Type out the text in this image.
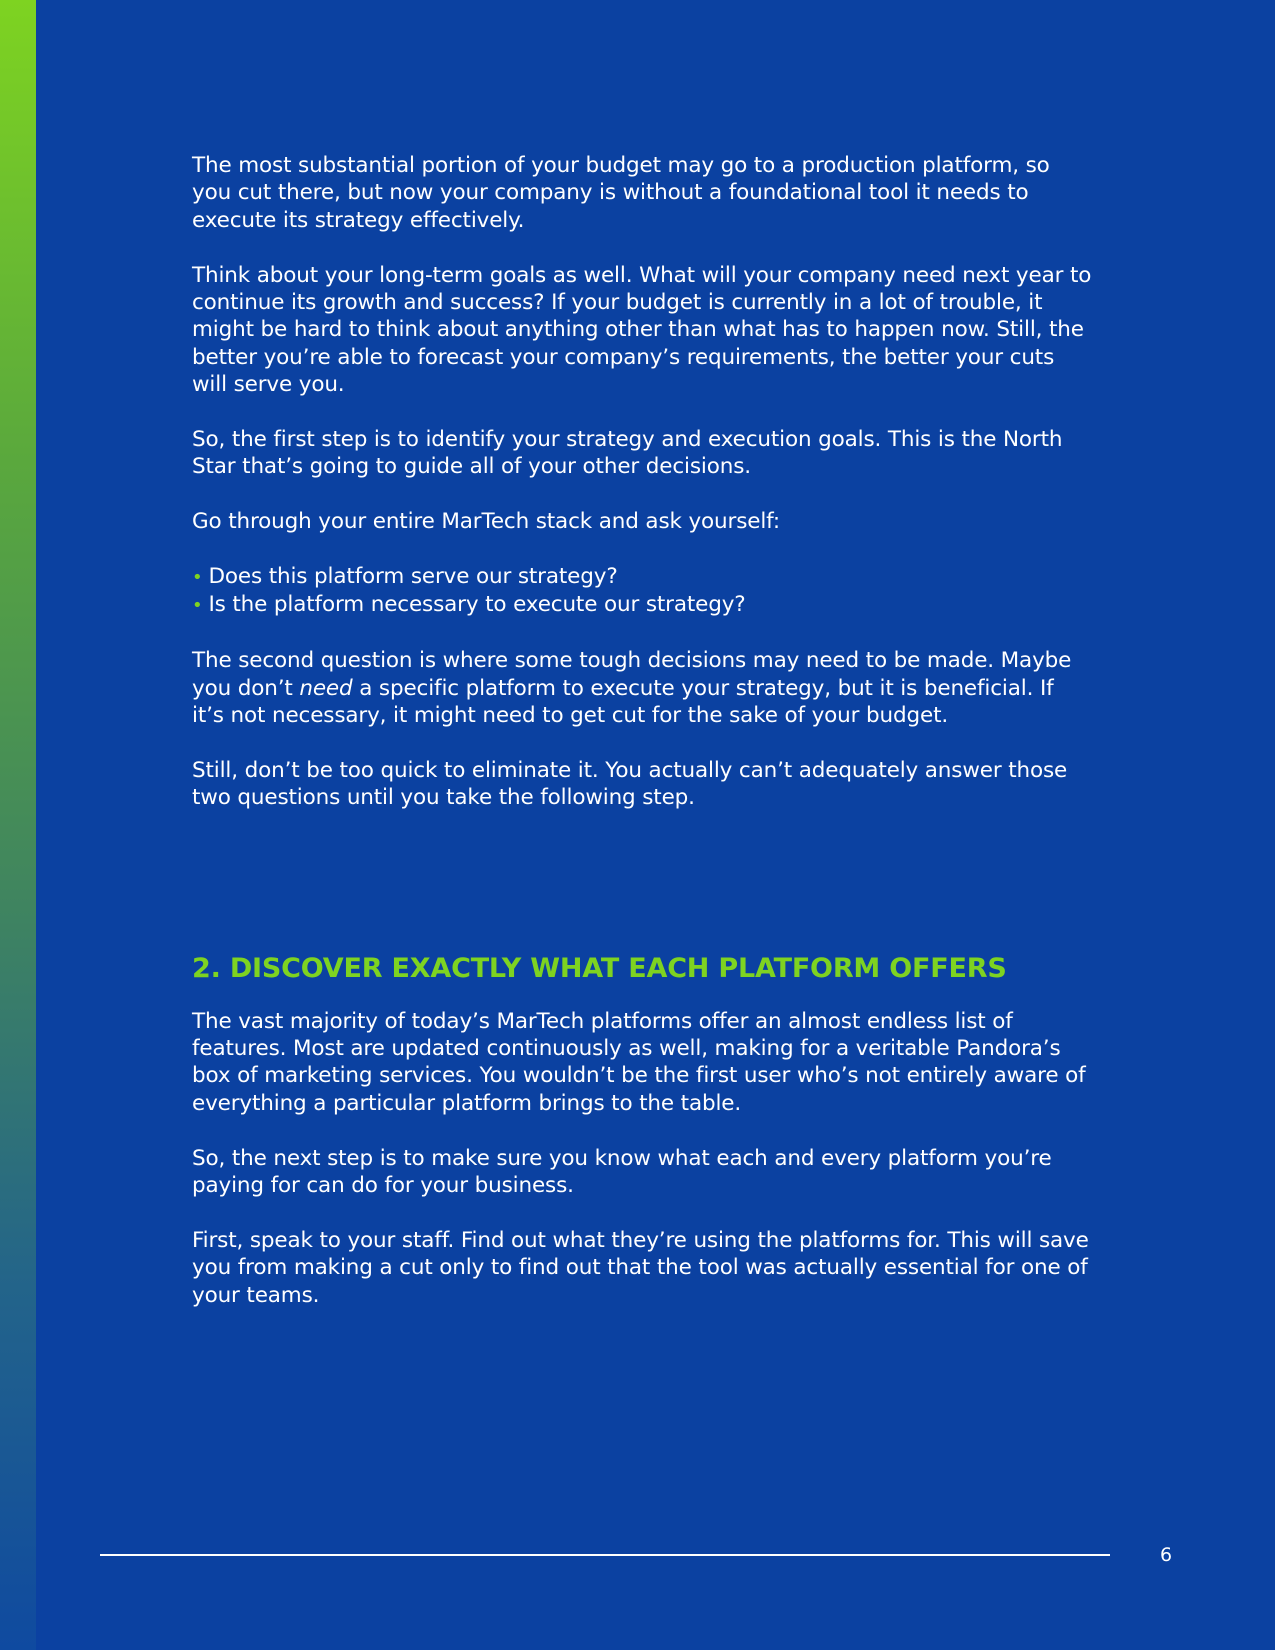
The most substantial portion of your budget may go to a production platform, so you cut there, but now your company is without a foundational tool it needs to execute its strategy effectively.

Think about your long-term goals as well. What will your company need next year to continue its growth and success? If your budget is currently in a lot of trouble, it might be hard to think about anything other than what has to happen now. Still, the better you’re able to forecast your company’s requirements, the better your cuts will serve you.

So, the first step is to identify your strategy and execution goals. This is the North Star that’s going to guide all of your other decisions.

Go through your entire MarTech stack and ask yourself:

• Does this platform serve our strategy?
• Is the platform necessary to execute our strategy?

The second question is where some tough decisions may need to be made. Maybe you don’t need a specific platform to execute your strategy, but it is beneficial. If it’s not necessary, it might need to get cut for the sake of your budget.

Still, don’t be too quick to eliminate it. You actually can’t adequately answer those two questions until you take the following step.

2. DISCOVER EXACTLY WHAT EACH PLATFORM OFFERS

The vast majority of today’s MarTech platforms offer an almost endless list of features. Most are updated continuously as well, making for a veritable Pandora’s box of marketing services. You wouldn’t be the first user who’s not entirely aware of everything a particular platform brings to the table.

So, the next step is to make sure you know what each and every platform you’re paying for can do for your business.

First, speak to your staff. Find out what they’re using the platforms for. This will save you from making a cut only to find out that the tool was actually essential for one of your teams.

6
